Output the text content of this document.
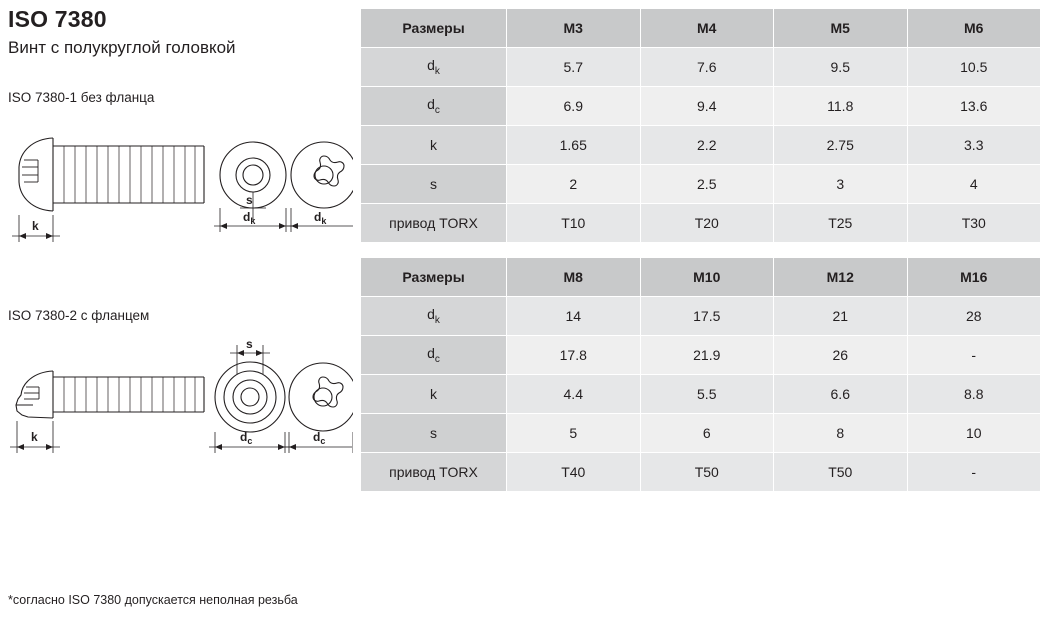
ISO 7380
Винт с полукруглой головкой
ISO 7380-1 без фланца
k
s
$d_k$	$d_k$
ISO 7380-2 с фланцем
k
s
$d_c$	$d_c$
*согласно ISO 7380 допускается неполная резьба
Размеры	M3	M4	M5	M6
$d_k$	5.7	7.6	9.5	10.5
$d_c$	6.9	9.4	11.8	13.6
k	1.65	2.2	2.75	3.3
s	2	2.5	3	4
привод TORX	T10	T20	T25	T30
Размеры	M8	M10	M12	M16
$d_k$	14	17.5	21	28
$d_c$	17.8	21.9	26	-
k	4.4	5.5	6.6	8.8
s	5	6	8	10
привод TORX	T40	T50	T50	-
